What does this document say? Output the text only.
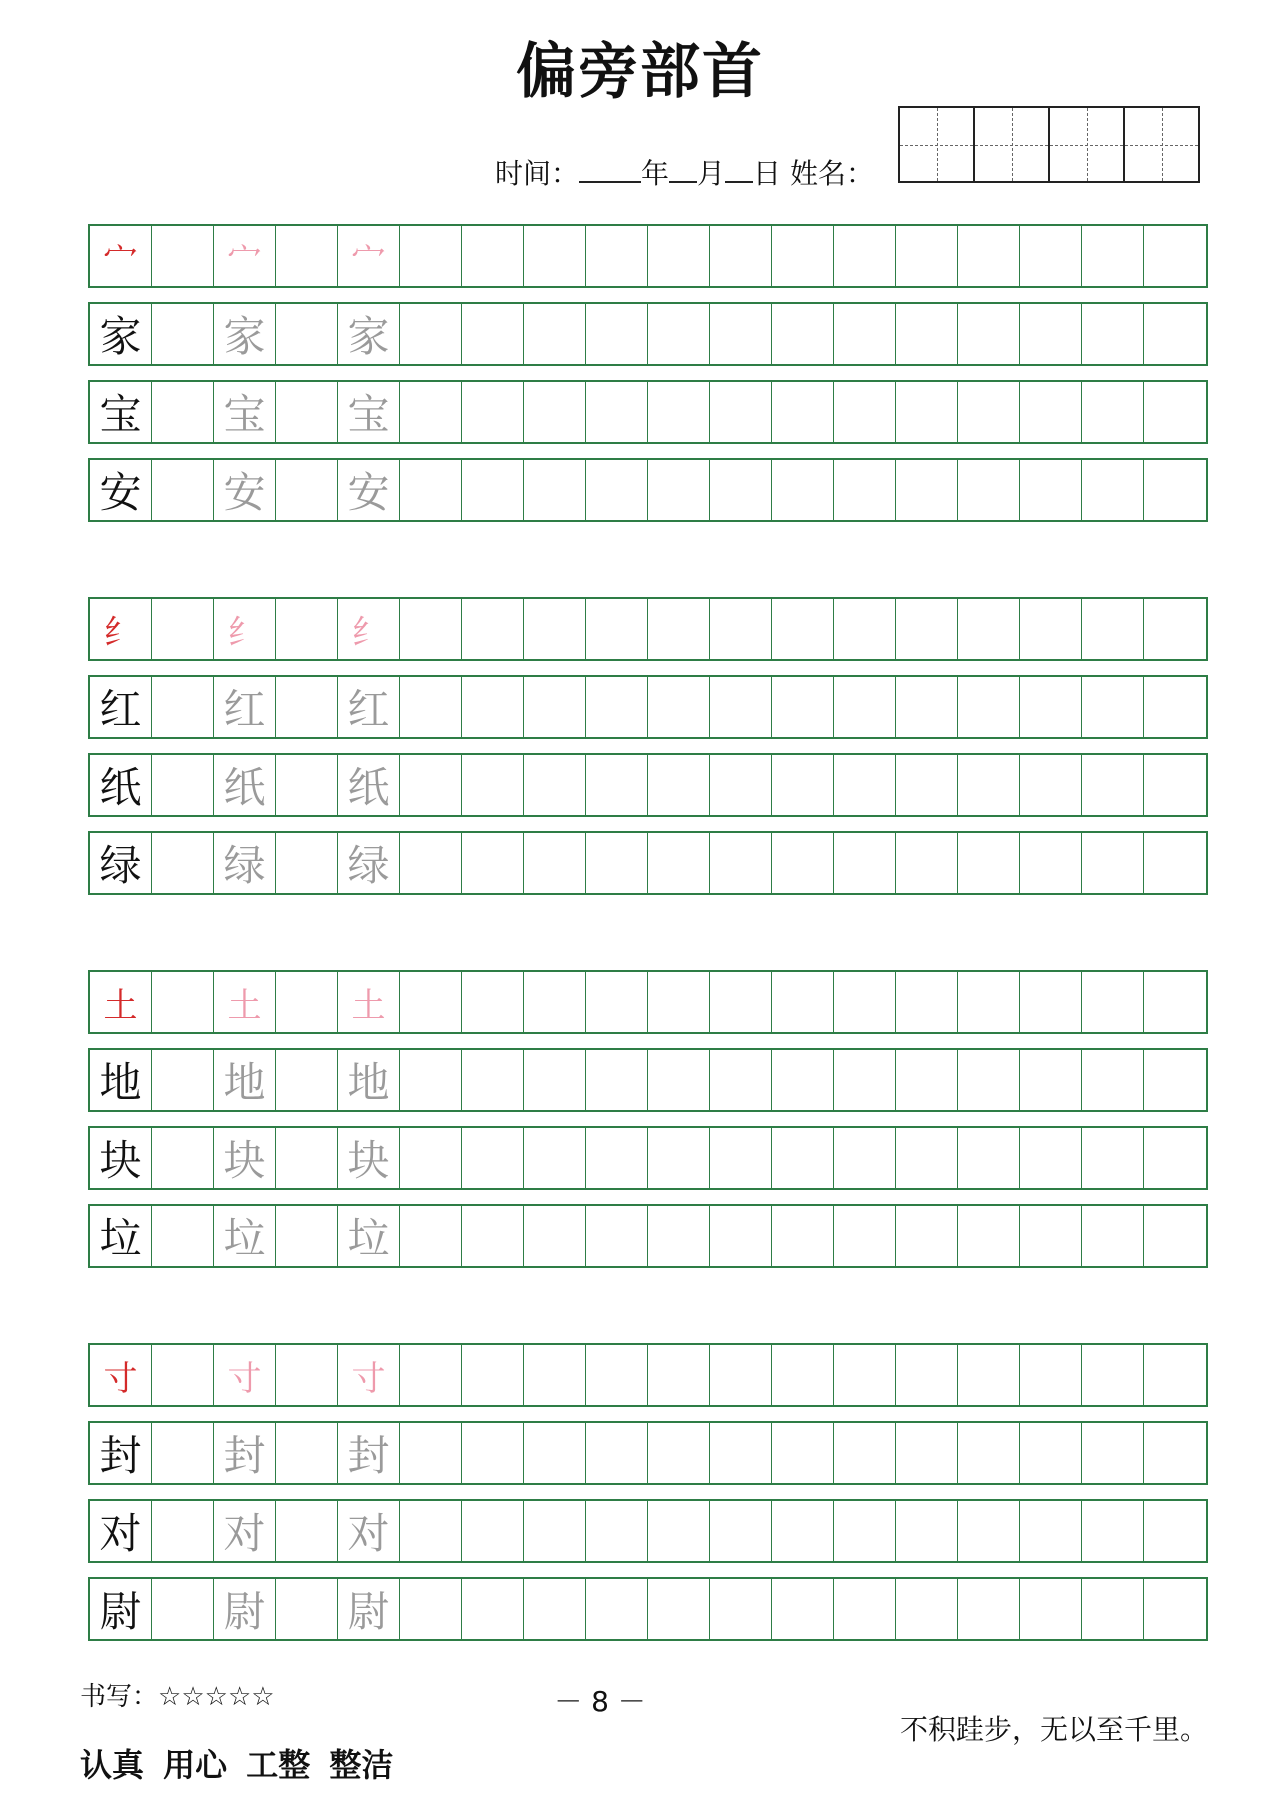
偏旁部首
时间： 年 月 日 姓名：
宀	宀	宀
家 家 家
宝 宝 宝
安 安 安
纟	纟	纟
红 红 红
纸 纸 纸
绿 绿 绿
土	土	土
地 地 地
块 块 块
垃 垃 垃
寸	寸	寸
封 封 封
对 对 对
尉 尉 尉
书写：☆☆☆☆☆	－ 8 －
认真 用心 工整 整洁
不积跬步，无以至千里。
